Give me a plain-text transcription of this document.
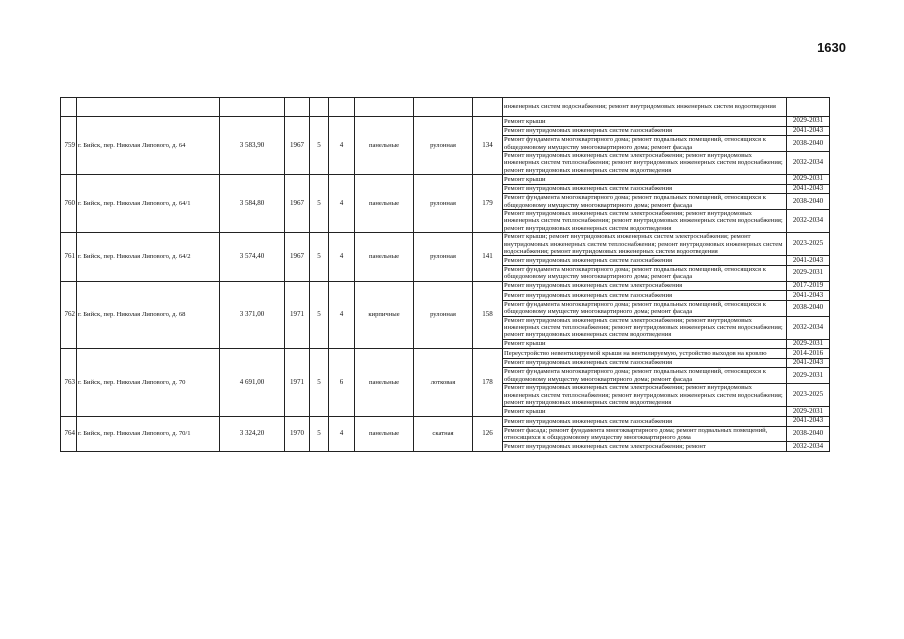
1630
									инженерных систем водоснабжения; ремонт внутридомовых инженерных систем водоотведения	
759	г. Бийск, пер. Николая Липового, д. 64	3 583,90	1967	5	4	панельные	рулонная	134	Ремонт крыши	2029-2031
									Ремонт внутридомовых инженерных систем газоснабжения	2041-2043
									Ремонт фундамента многоквартирного дома; ремонт подвальных помещений, относящихся к общедомовому имуществу многоквартирного дома; ремонт фасада	2038-2040
									Ремонт внутридомовых инженерных систем электроснабжения; ремонт внутридомовых инженерных систем теплоснабжения; ремонт внутридомовых инженерных систем водоснабжения; ремонт внутридомовых инженерных систем водоотведения	2032-2034
760	г. Бийск, пер. Николая Липового, д. 64/1	3 584,80	1967	5	4	панельные	рулонная	179	Ремонт крыши	2029-2031
									Ремонт внутридомовых инженерных систем газоснабжения	2041-2043
									Ремонт фундамента многоквартирного дома; ремонт подвальных помещений, относящихся к общедомовому имуществу многоквартирного дома; ремонт фасада	2038-2040
									Ремонт внутридомовых инженерных систем электроснабжения; ремонт внутридомовых инженерных систем теплоснабжения; ремонт внутридомовых инженерных систем водоснабжения; ремонт внутридомовых инженерных систем водоотведения	2032-2034
761	г. Бийск, пер. Николая Липового, д. 64/2	3 574,40	1967	5	4	панельные	рулонная	141	Ремонт крыши; ремонт внутридомовых инженерных систем электроснабжения; ремонт внутридомовых инженерных систем теплоснабжения; ремонт внутридомовых инженерных систем водоснабжения; ремонт внутридомовых инженерных систем водоотведения	2023-2025
									Ремонт внутридомовых инженерных систем газоснабжения	2041-2043
									Ремонт фундамента многоквартирного дома; ремонт подвальных помещений, относящихся к общедомовому имуществу многоквартирного дома; ремонт фасада	2029-2031
762	г. Бийск, пер. Николая Липового, д. 68	3 371,00	1971	5	4	кирпичные	рулонная	158	Ремонт внутридомовых инженерных систем электроснабжения	2017-2019
									Ремонт внутридомовых инженерных систем газоснабжения	2041-2043
									Ремонт фундамента многоквартирного дома; ремонт подвальных помещений, относящихся к общедомовому имуществу многоквартирного дома; ремонт фасада	2038-2040
									Ремонт внутридомовых инженерных систем электроснабжения; ремонт внутридомовых инженерных систем теплоснабжения; ремонт внутридомовых инженерных систем водоснабжения; ремонт внутридомовых инженерных систем водоотведения	2032-2034
									Ремонт крыши	2029-2031
763	г. Бийск, пер. Николая Липового, д. 70	4 691,00	1971	5	6	панельные	лотковая	178	Переустройство невентилируемой крыши на вентилируемую, устройство выходов на кровлю	2014-2016
									Ремонт внутридомовых инженерных систем газоснабжения	2041-2043
									Ремонт фундамента многоквартирного дома; ремонт подвальных помещений, относящихся к общедомовому имуществу многоквартирного дома; ремонт фасада	2029-2031
									Ремонт внутридомовых инженерных систем электроснабжения; ремонт внутридомовых инженерных систем теплоснабжения; ремонт внутридомовых инженерных систем водоснабжения; ремонт внутридомовых инженерных систем водоотведения	2023-2025
									Ремонт крыши	2029-2031
764	г. Бийск, пер. Николая Липового, д. 70/1	3 324,20	1970	5	4	панельные	скатная	126	Ремонт внутридомовых инженерных систем газоснабжения	2041-2043
									Ремонт фасада; ремонт фундамента многоквартирного дома; ремонт подвальных помещений, относящихся к общедомовому имуществу многоквартирного дома	2038-2040
									Ремонт внутридомовых инженерных систем электроснабжения; ремонт	2032-2034
